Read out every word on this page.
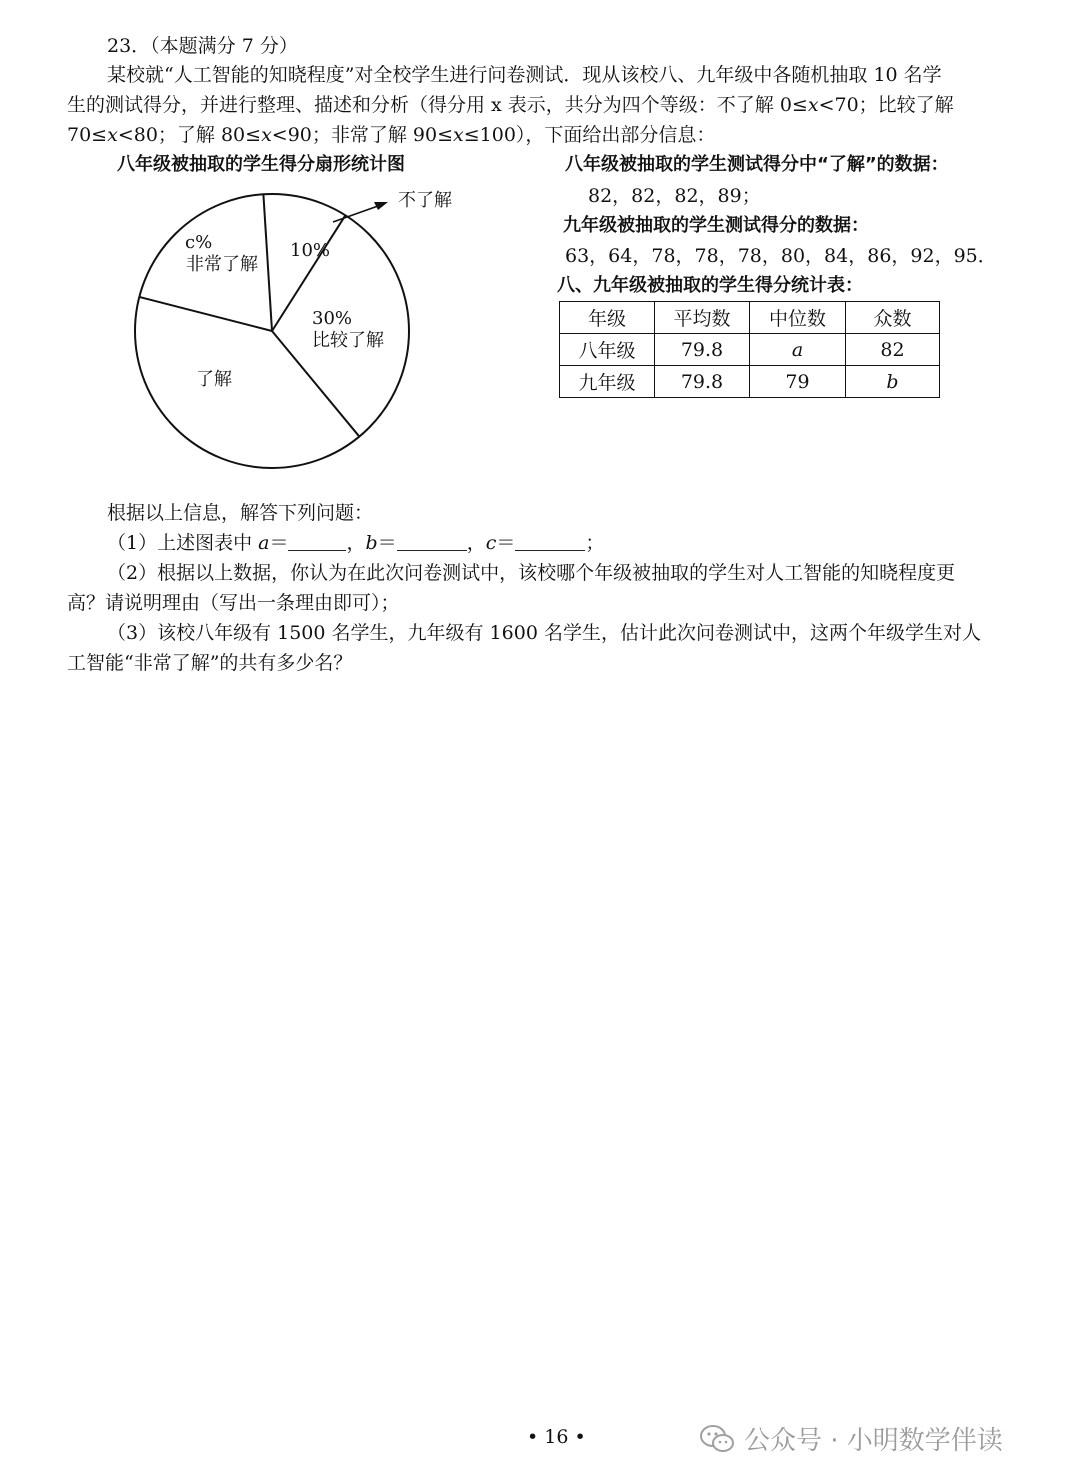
23．（本题满分 7 分）
某校就“人工智能的知晓程度”对全校学生进行问卷测试．现从该校八、九年级中各随机抽取 10 名学
生的测试得分，并进行整理、描述和分析（得分用 x 表示，共分为四个等级：不了解 0≤x<70；比较了解
70≤x<80；了解 80≤x<90；非常了解 90≤x≤100），下面给出部分信息：
八年级被抽取的学生得分扇形统计图
不了解
c%
非常了解
10%
30%
比较了解
了解
八年级被抽取的学生测试得分中“了解”的数据：
82，82，82，89；
九年级被抽取的学生测试得分的数据：
63，64，78，78，78，80，84，86，92，95．
八、九年级被抽取的学生得分统计表：
年级	平均数	中位数	众数
八年级	79.8	a	82
九年级	79.8	79	b
根据以上信息，解答下列问题：
（1）上述图表中 a＝	，b＝	，c＝	；
（2）根据以上数据，你认为在此次问卷测试中，该校哪个年级被抽取的学生对人工智能的知晓程度更
高？请说明理由（写出一条理由即可）；
（3）该校八年级有 1500 名学生，九年级有 1600 名学生，估计此次问卷测试中，这两个年级学生对人
工智能“非常了解”的共有多少名？
• 16 •	公众号 · 小明数学伴读
